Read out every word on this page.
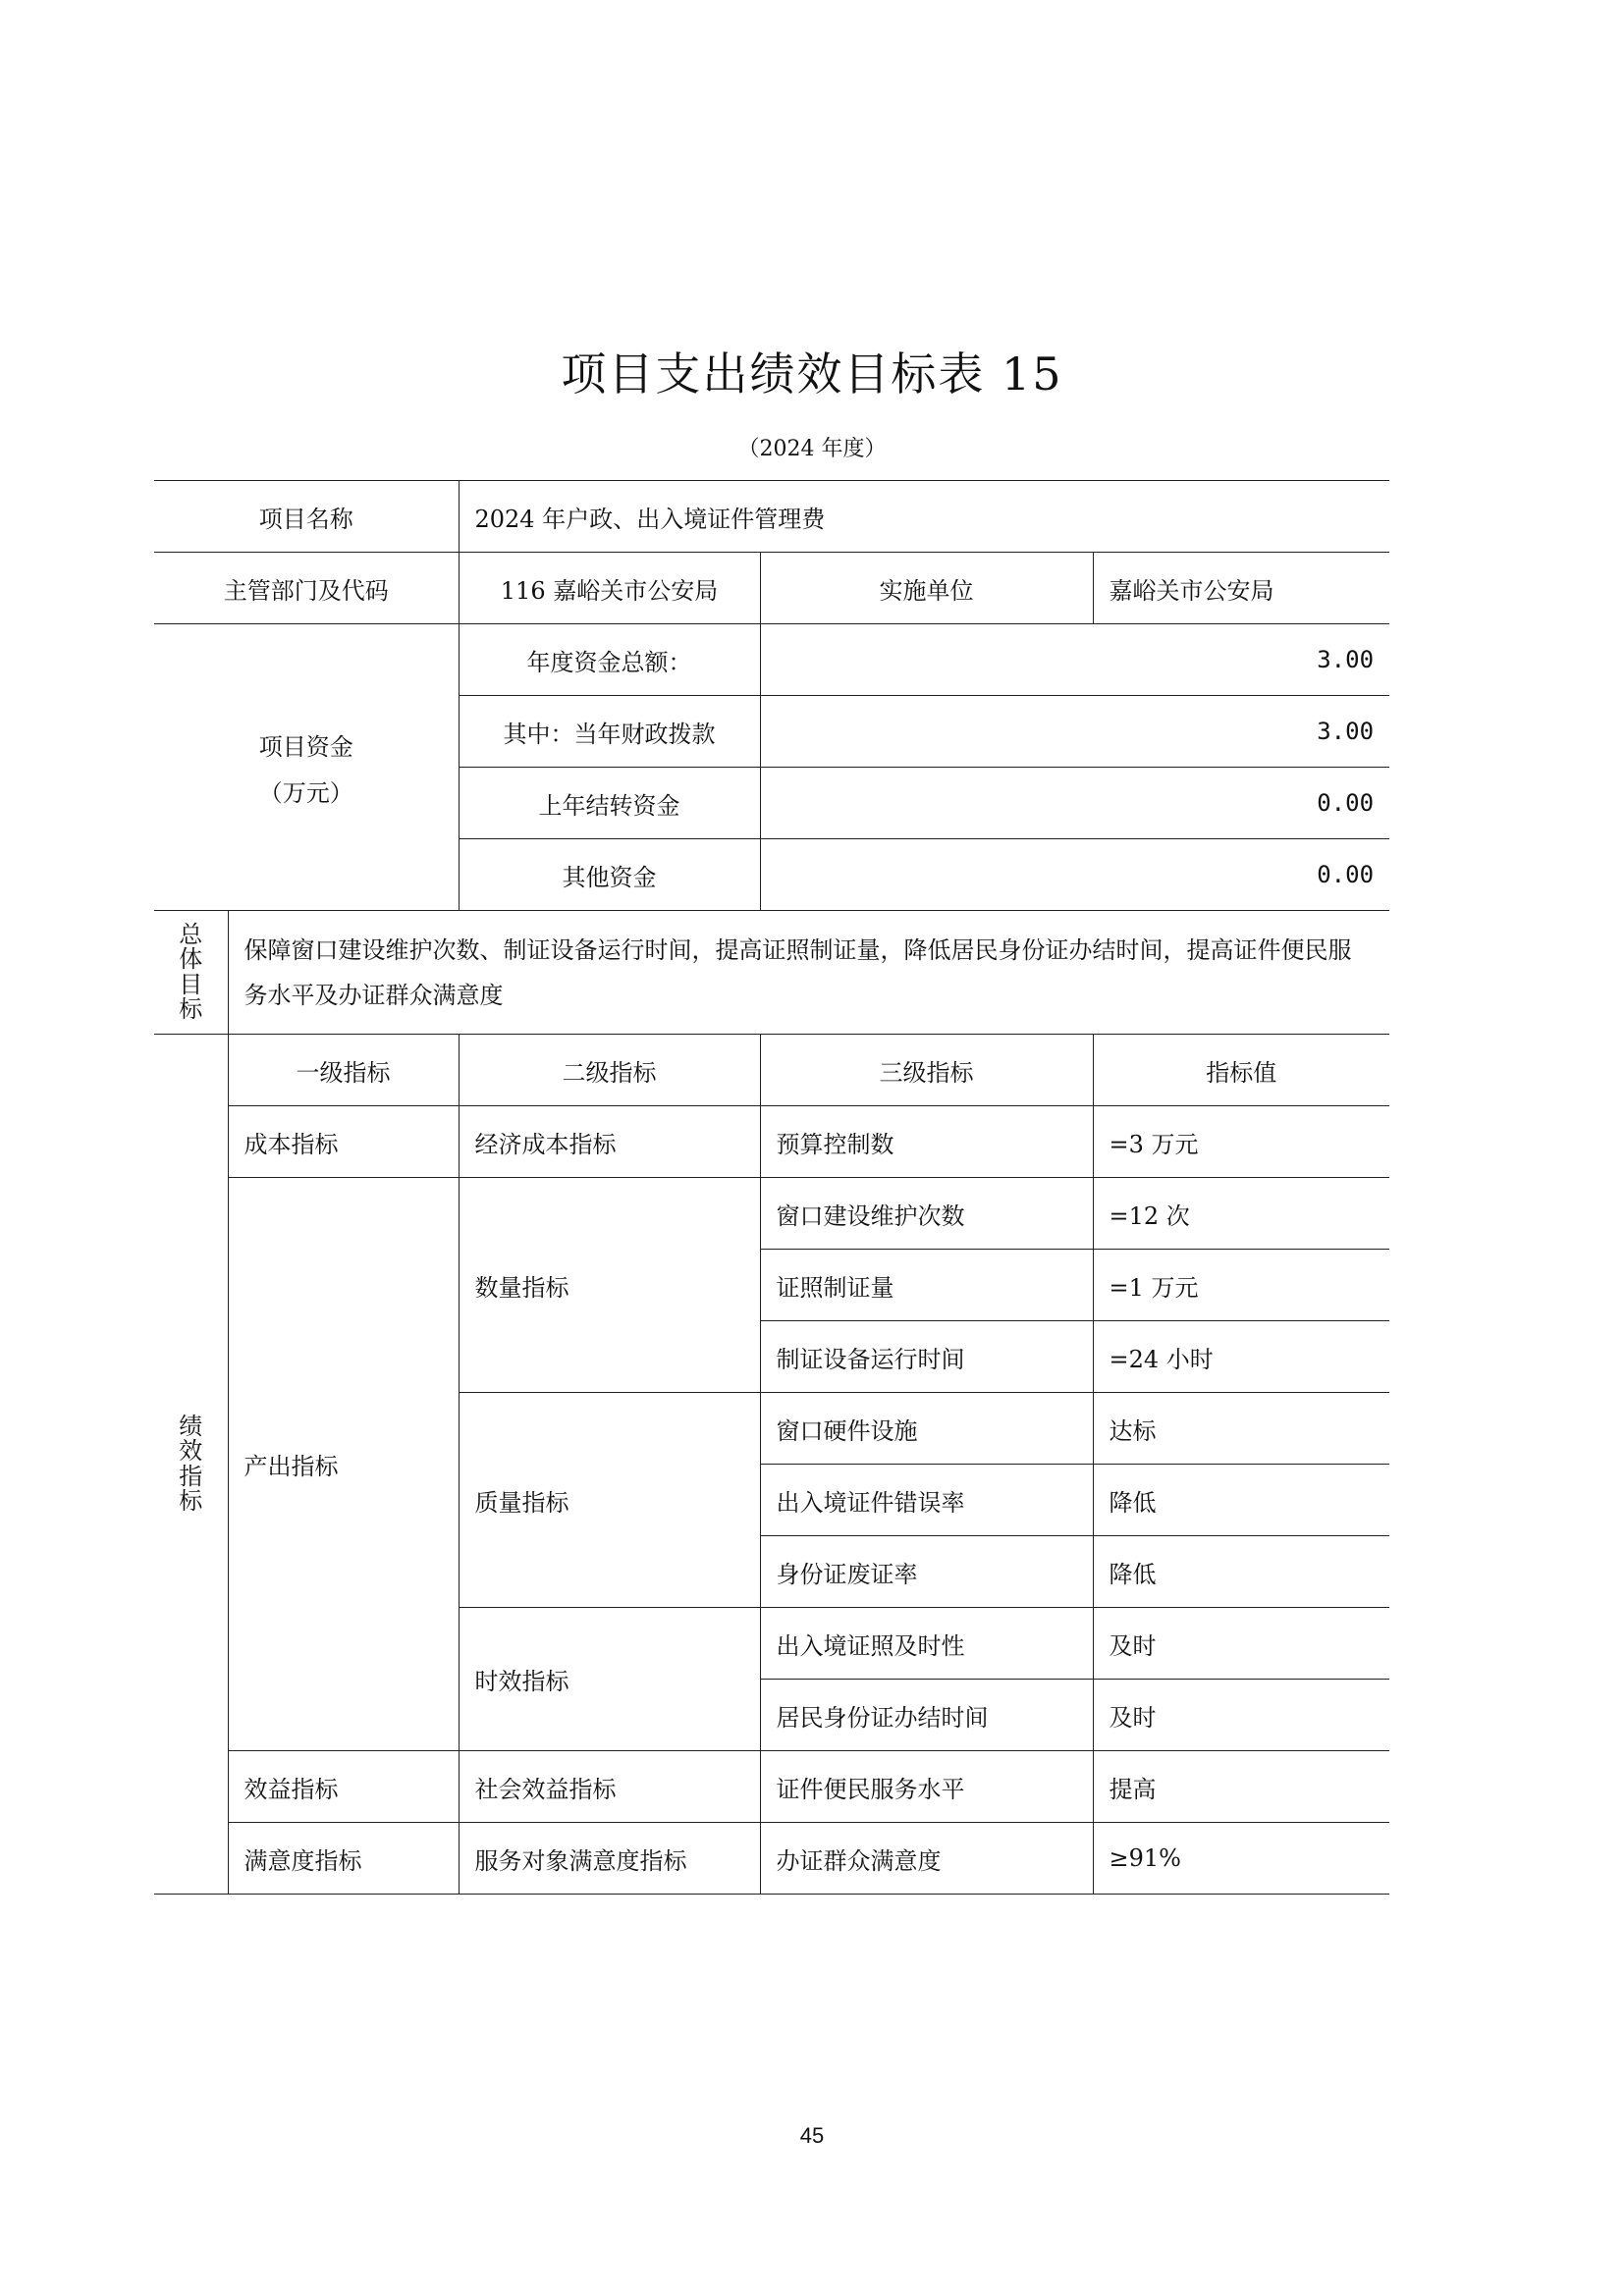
项目支出绩效目标表 15
（2024 年度）
项目名称		2024 年户政、出入境证件管理费		
主管部门及代码		116 嘉峪关市公安局	实施单位	嘉峪关市公安局

项目资金
（万元）		年度资金总额：	3.00	
		其中：当年财政拨款	3.00	
		上年结转资金	0.00	
		其他资金	0.00	
总体目标	保障窗口建设维护次数、制证设备运行时间，提高证照制证量，降低居民身份证办结时间，提高证件便民服务水平及办证群众满意度			
绩效指标	一级指标	二级指标	三级指标	指标值
	成本指标	经济成本指标	预算控制数	=3 万元
	产出指标	数量指标	窗口建设维护次数	=12 次
			证照制证量	=1 万元
			制证设备运行时间	=24 小时
		质量指标	窗口硬件设施	达标
			出入境证件错误率	降低
			身份证废证率	降低
		时效指标	出入境证照及时性	及时
			居民身份证办结时间	及时
	效益指标	社会效益指标	证件便民服务水平	提高
	满意度指标	服务对象满意度指标	办证群众满意度	≥91%
45
